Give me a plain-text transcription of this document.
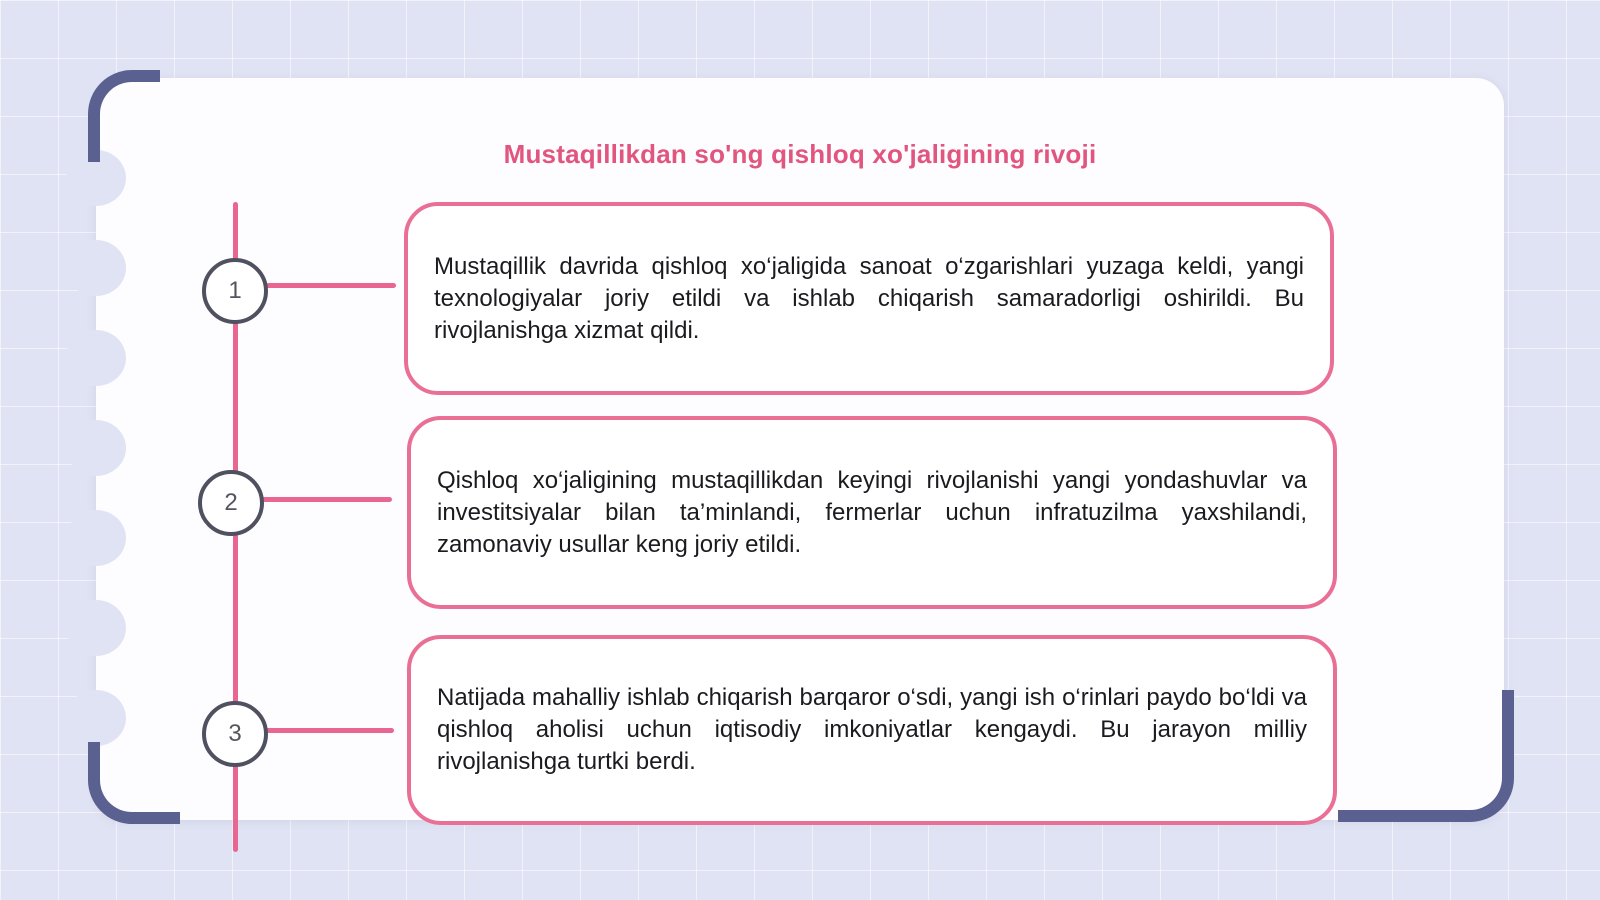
Mustaqillikdan so'ng qishloq xo'jaligining rivoji
1
2
3

Mustaqillik davrida qishloq xo‘jaligida sanoat o‘zgarishlari yuzaga keldi, yangi texnologiyalar joriy etildi va ishlab chiqarish samaradorligi oshirildi. Bu rivojlanishga xizmat qildi.

Qishloq xo‘jaligining mustaqillikdan keyingi rivojlanishi yangi yondashuvlar va investitsiyalar bilan ta’minlandi, fermerlar uchun infratuzilma yaxshilandi, zamonaviy usullar keng joriy etildi.

Natijada mahalliy ishlab chiqarish barqaror o‘sdi, yangi ish o‘rinlari paydo bo‘ldi va qishloq aholisi uchun iqtisodiy imkoniyatlar kengaydi. Bu jarayon milliy rivojlanishga turtki berdi.
